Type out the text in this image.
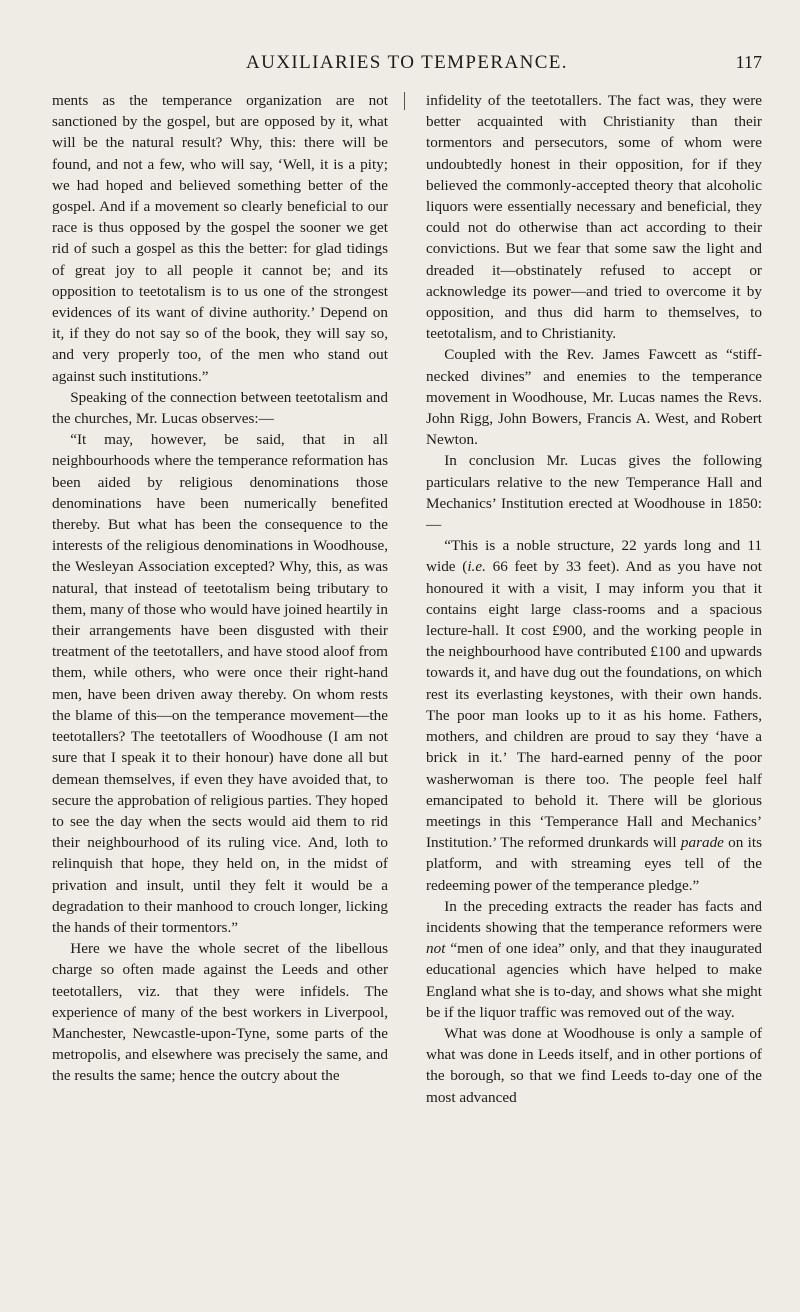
AUXILIARIES TO TEMPERANCE.	117

ments as the temperance organization are not sanctioned by the gospel, but are opposed by it, what will be the natural result? Why, this: there will be found, and not a few, who will say, ‘Well, it is a pity; we had hoped and believed something better of the gospel. And if a movement so clearly beneficial to our race is thus opposed by the gospel the sooner we get rid of such a gospel as this the better: for glad tidings of great joy to all people it cannot be; and its opposition to teetotalism is to us one of the strongest evidences of its want of divine authority.’ Depend on it, if they do not say so of the book, they will say so, and very properly too, of the men who stand out against such institutions.”

Speaking of the connection between teetotalism and the churches, Mr. Lucas observes:—

“It may, however, be said, that in all neighbourhoods where the temperance reformation has been aided by religious denominations those denominations have been numerically benefited thereby. But what has been the consequence to the interests of the religious denominations in Woodhouse, the Wesleyan Association excepted? Why, this, as was natural, that instead of teetotalism being tributary to them, many of those who would have joined heartily in their arrangements have been disgusted with their treatment of the teetotallers, and have stood aloof from them, while others, who were once their right-hand men, have been driven away thereby. On whom rests the blame of this—on the temperance movement—the teetotallers? The teetotallers of Woodhouse (I am not sure that I speak it to their honour) have done all but demean themselves, if even they have avoided that, to secure the approbation of religious parties. They hoped to see the day when the sects would aid them to rid their neighbourhood of its ruling vice. And, loth to relinquish that hope, they held on, in the midst of privation and insult, until they felt it would be a degradation to their manhood to crouch longer, licking the hands of their tormentors.”

Here we have the whole secret of the libellous charge so often made against the Leeds and other teetotallers, viz. that they were infidels. The experience of many of the best workers in Liverpool, Manchester, Newcastle-upon-Tyne, some parts of the metropolis, and elsewhere was precisely the same, and the results the same; hence the outcry about the

infidelity of the teetotallers. The fact was, they were better acquainted with Christianity than their tormentors and persecutors, some of whom were undoubtedly honest in their opposition, for if they believed the commonly-accepted theory that alcoholic liquors were essentially necessary and beneficial, they could not do otherwise than act according to their convictions. But we fear that some saw the light and dreaded it—obstinately refused to accept or acknowledge its power—and tried to overcome it by opposition, and thus did harm to themselves, to teetotalism, and to Christianity.

Coupled with the Rev. James Fawcett as “stiff-necked divines” and enemies to the temperance movement in Woodhouse, Mr. Lucas names the Revs. John Rigg, John Bowers, Francis A. West, and Robert Newton.

In conclusion Mr. Lucas gives the following particulars relative to the new Temperance Hall and Mechanics’ Institution erected at Woodhouse in 1850:—

“This is a noble structure, 22 yards long and 11 wide (i.e. 66 feet by 33 feet). And as you have not honoured it with a visit, I may inform you that it contains eight large class-rooms and a spacious lecture-hall. It cost £900, and the working people in the neighbourhood have contributed £100 and upwards towards it, and have dug out the foundations, on which rest its everlasting keystones, with their own hands. The poor man looks up to it as his home. Fathers, mothers, and children are proud to say they ‘have a brick in it.’ The hard-earned penny of the poor washerwoman is there too. The people feel half emancipated to behold it. There will be glorious meetings in this ‘Temperance Hall and Mechanics’ Institution.’ The reformed drunkards will parade on its platform, and with streaming eyes tell of the redeeming power of the temperance pledge.”

In the preceding extracts the reader has facts and incidents showing that the temperance reformers were not “men of one idea” only, and that they inaugurated educational agencies which have helped to make England what she is to-day, and shows what she might be if the liquor traffic was removed out of the way.

What was done at Woodhouse is only a sample of what was done in Leeds itself, and in other portions of the borough, so that we find Leeds to-day one of the most advanced
